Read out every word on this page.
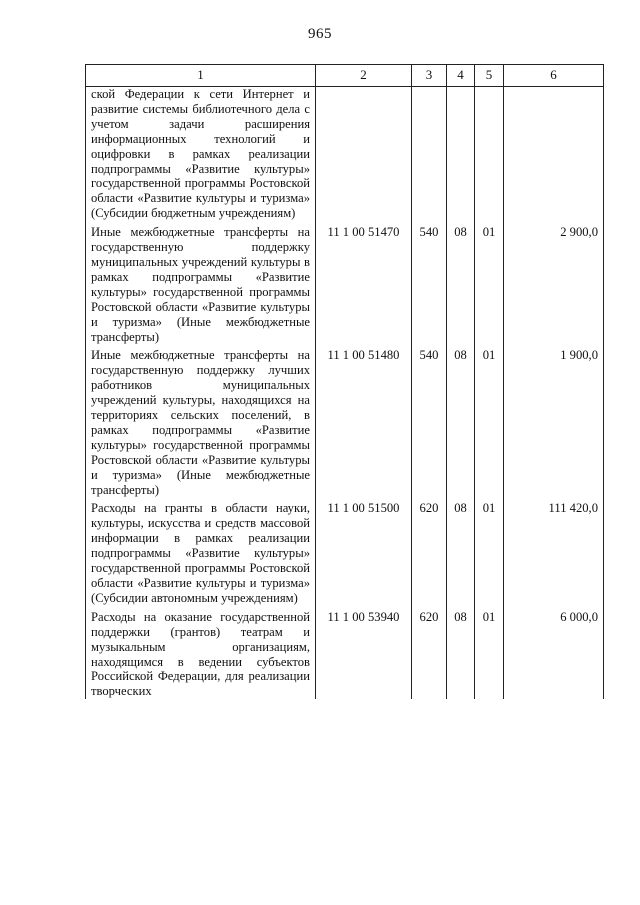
965
1	2	3	4	5	6
ской Федерации к сети Интернет и развитие системы библиотечного дела с учетом задачи расширения информационных технологий и оцифровки в рамках реализации подпрограммы «Развитие культуры» государственной программы Ростовской области «Развитие культуры и туризма» (Субсидии бюджетным учреждениям)					

Иные межбюджетные трансферты на государственную поддержку муниципальных учреждений культуры в рамках подпрограммы «Развитие культуры» государственной программы Ростовской области «Развитие культуры и туризма» (Иные межбюджетные трансферты)	11 1 00 51470	540	08	01	2 900,0

Иные межбюджетные трансферты на государственную поддержку лучших работников муниципальных учреждений культуры, находящихся на территориях сельских поселений, в рамках подпрограммы «Развитие культуры» государственной программы Ростовской области «Развитие культуры и туризма» (Иные межбюджетные трансферты)	11 1 00 51480	540	08	01	1 900,0

Расходы на гранты в области науки, культуры, искусства и средств массовой информации в рамках реализации подпрограммы «Развитие культуры» государственной программы Ростовской области «Развитие культуры и туризма» (Субсидии автономным учреждениям)	11 1 00 51500	620	08	01	111 420,0

Расходы на оказание государственной поддержки (грантов) театрам и музыкальным организациям, находящимся в ведении субъектов Российской Федерации, для реализации творческих	11 1 00 53940	620	08	01	6 000,0
